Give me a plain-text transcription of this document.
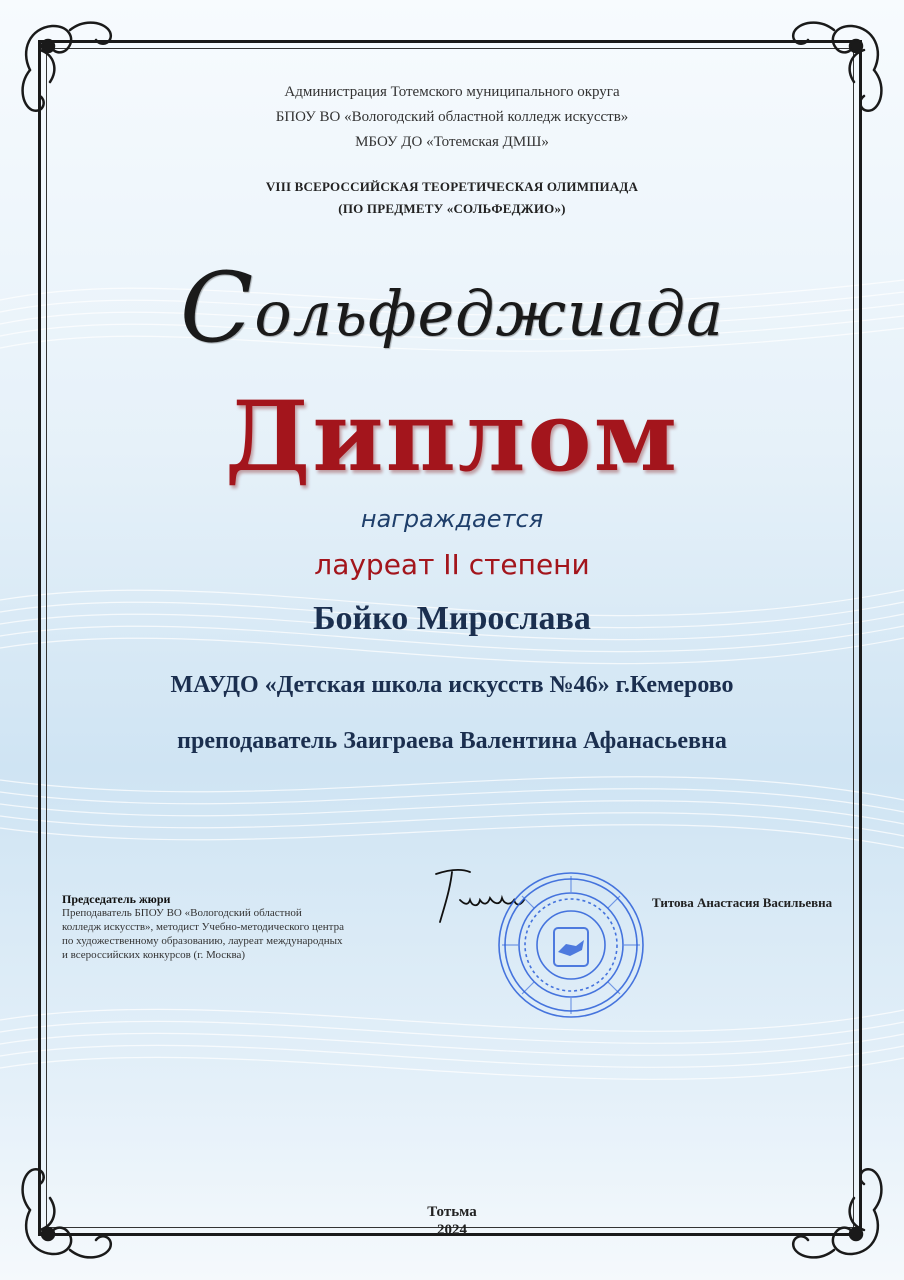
Администрация Тотемского муниципального округа
БПОУ ВО «Вологодский областной колледж искусств»
МБОУ ДО «Тотемская ДМШ»
VIII ВСЕРОССИЙСКАЯ ТЕОРЕТИЧЕСКАЯ ОЛИМПИАДА
(ПО ПРЕДМЕТУ «СОЛЬФЕДЖИО»)
Сольфеджиада
Диплом
награждается
лауреат II степени
Бойко Мирослава
МАУДО «Детская школа искусств №46» г.Кемерово
преподаватель Заиграева Валентина Афанасьевна
Председатель жюри
Преподаватель БПОУ ВО «Вологодский областной
колледж искусств», методист Учебно-методического центра
по художественному образованию, лауреат международных
и всероссийских конкурсов (г. Москва)
Титова Анастасия Васильевна
Тотьма
2024
